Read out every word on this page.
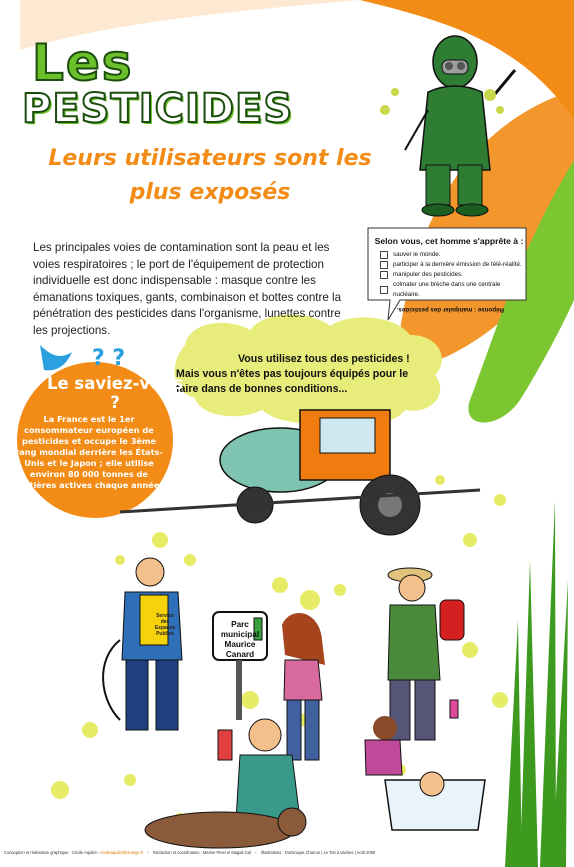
? ?
Les
PESTICIDES
Leurs utilisateurs sont les
plus exposés
Les principales voies de contamination sont la peau et les voies respiratoires ; le port de l'équipement de protection individuelle est donc indispensable : masque contre les émanations toxiques, gants, combinaison et bottes contre la pénétration des pesticides dans l'organisme, lunettes contre les projections.
Selon vous, cet homme s'apprête à :
sauver le monde.
participer à la dernière émission de télé-réalité.
manipuler des pesticides.
colmater une brèche dans une centrale nucléaire.
Réponse : manipuler des pesticides.
Vous utilisez tous des pesticides !
Mais vous n'êtes pas toujours équipés pour le faire dans de bonnes conditions...
Le saviez-vous ?
La France est le 1er consommateur européen de pesticides et occupe le 3ème rang mondial derrière les États-Unis et le Japon ; elle utilise environ 80 000 tonnes de matières actives chaque année.
Parc
municipal
Maurice
Canard
Service
des
Espaces
Publics
Conception et réalisation graphique : Cécile Aquilet - cecileaquilet@orange.fr • Rédaction et coordination : Marine Pinel et Magali Gal • Illustrations : Dominique Charron | Le Toit à Vaches | Août 2006
